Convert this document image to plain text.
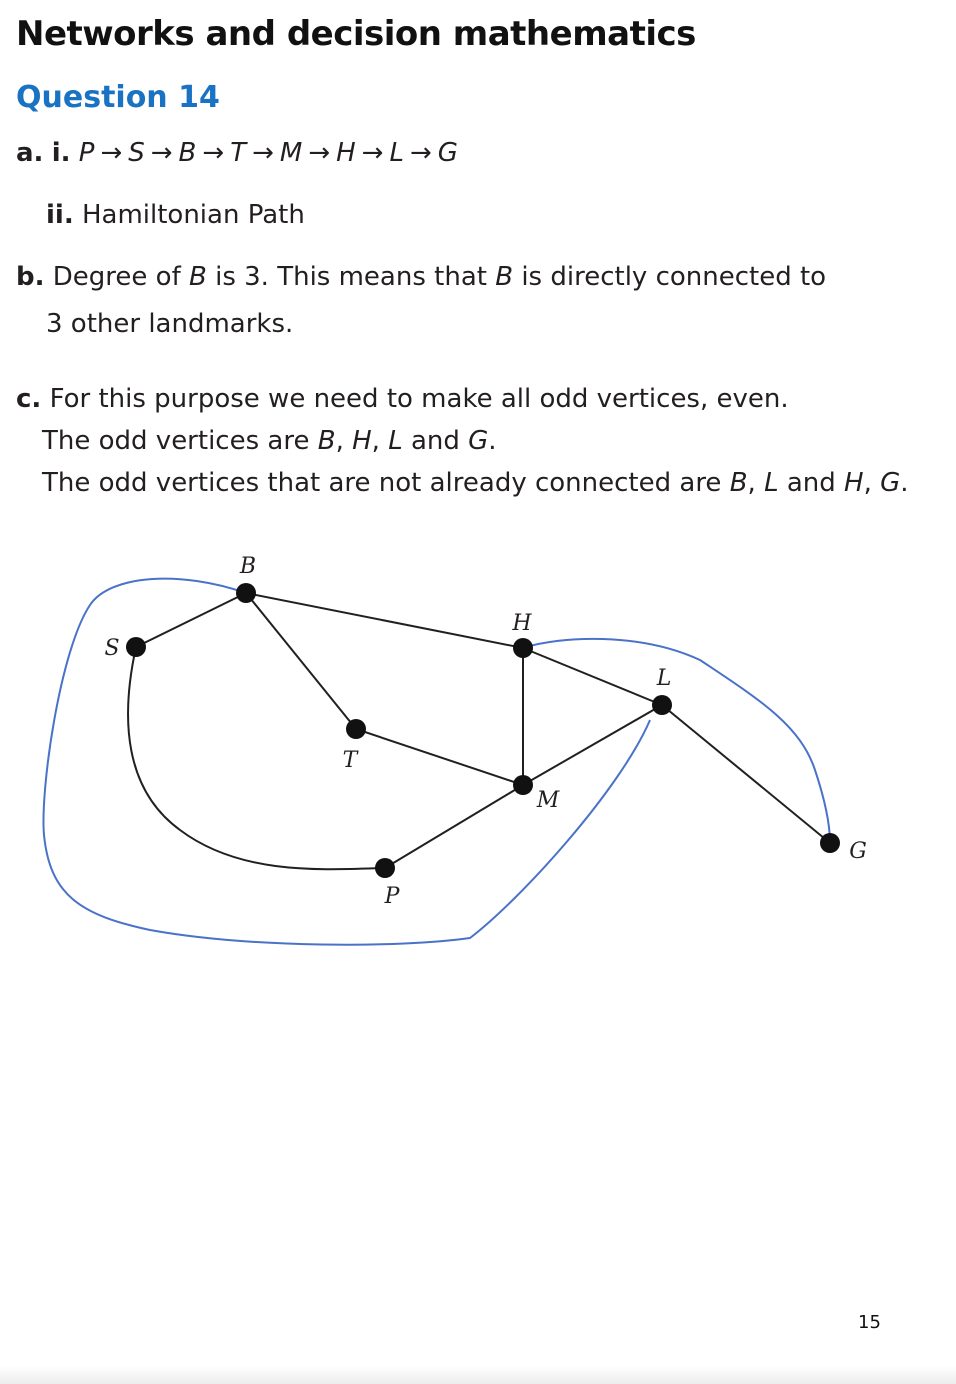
Networks and decision mathematics
Question 14
a. i. P → S → B → T → M → H → L → G
ii. Hamiltonian Path
b. Degree of B is 3. This means that B is directly connected to
3 other landmarks.
c. For this purpose we need to make all odd vertices, even.
The odd vertices are B, H, L and G.
The odd vertices that are not already connected are B, L and H, G.
B
S
T
H
L
M
P
G
15
